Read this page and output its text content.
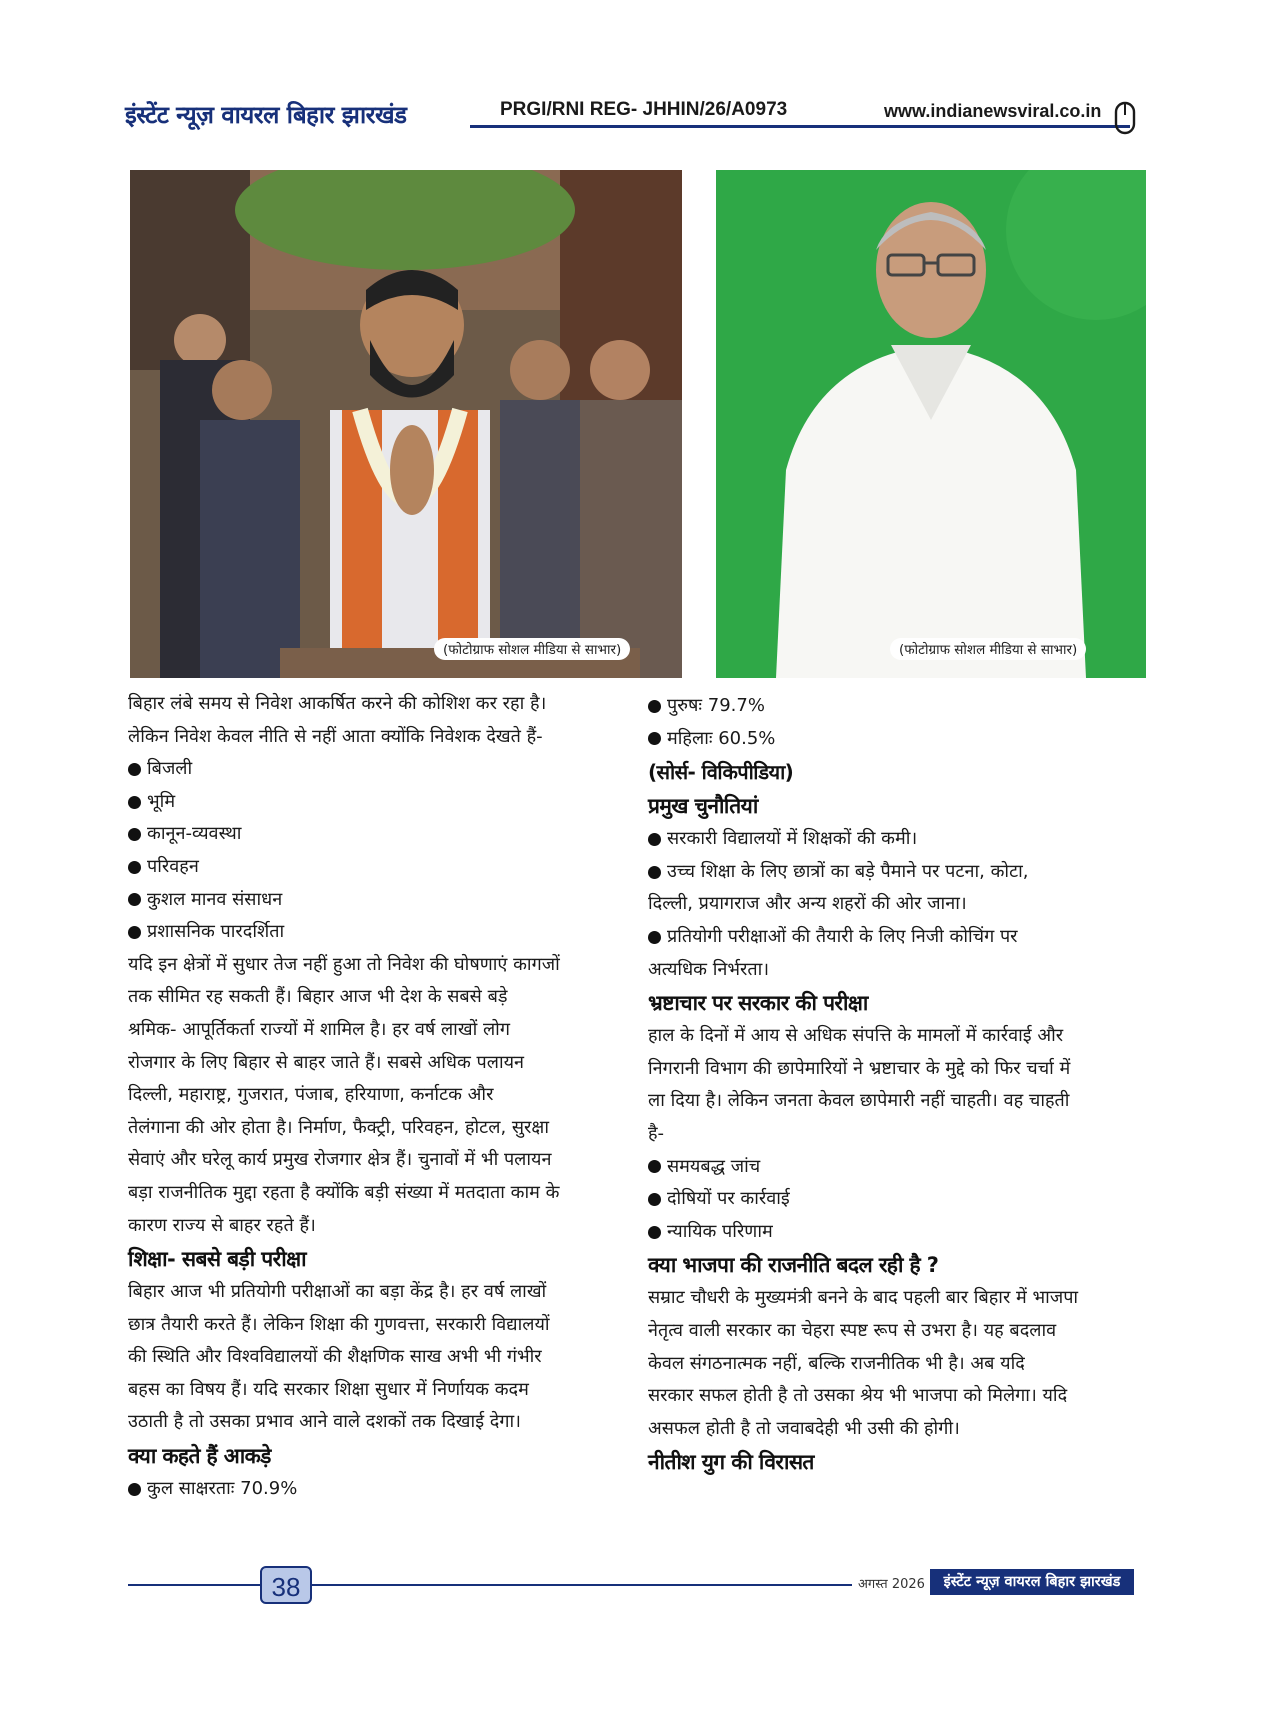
इंस्टेंट न्यूज़ वायरल बिहार झारखंड	PRGI/RNI REG- JHHIN/26/A0973	www.indianewsviral.co.in
(फोटोग्राफ सोशल मीडिया से साभार)	(फोटोग्राफ सोशल मीडिया से साभार)

बिहार लंबे समय से निवेश आकर्षित करने की कोशिश कर रहा है।

लेकिन निवेश केवल नीति से नहीं आता क्योंकि निवेशक देखते हैं-

बिजली
भूमि
कानून-व्यवस्था
परिवहन
कुशल मानव संसाधन
प्रशासनिक पारदर्शिता

यदि इन क्षेत्रों में सुधार तेज नहीं हुआ तो निवेश की घोषणाएं कागजों

तक सीमित रह सकती हैं। बिहार आज भी देश के सबसे बड़े

श्रमिक- आपूर्तिकर्ता राज्यों में शामिल है। हर वर्ष लाखों लोग

रोजगार के लिए बिहार से बाहर जाते हैं। सबसे अधिक पलायन

दिल्ली, महाराष्ट्र, गुजरात, पंजाब, हरियाणा, कर्नाटक और

तेलंगाना की ओर होता है। निर्माण, फैक्ट्री, परिवहन, होटल, सुरक्षा

सेवाएं और घरेलू कार्य प्रमुख रोजगार क्षेत्र हैं। चुनावों में भी पलायन

बड़ा राजनीतिक मुद्दा रहता है क्योंकि बड़ी संख्या में मतदाता काम के

कारण राज्य से बाहर रहते हैं।

शिक्षा- सबसे बड़ी परीक्षा

बिहार आज भी प्रतियोगी परीक्षाओं का बड़ा केंद्र है। हर वर्ष लाखों

छात्र तैयारी करते हैं। लेकिन शिक्षा की गुणवत्ता, सरकारी विद्यालयों

की स्थिति और विश्वविद्यालयों की शैक्षणिक साख अभी भी गंभीर

बहस का विषय हैं। यदि सरकार शिक्षा सुधार में निर्णायक कदम

उठाती है तो उसका प्रभाव आने वाले दशकों तक दिखाई देगा।

क्या कहते हैं आकड़े
कुल साक्षरताः 70.9%
पुरुषः 79.7%
महिलाः 60.5%

(सोर्स- विकिपीडिया)

प्रमुख चुनौतियां
सरकारी विद्यालयों में शिक्षकों की कमी।
उच्च शिक्षा के लिए छात्रों का बड़े पैमाने पर पटना, कोटा,

दिल्ली, प्रयागराज और अन्य शहरों की ओर जाना।

प्रतियोगी परीक्षाओं की तैयारी के लिए निजी कोचिंग पर

अत्यधिक निर्भरता।

भ्रष्टाचार पर सरकार की परीक्षा

हाल के दिनों में आय से अधिक संपत्ति के मामलों में कार्रवाई और

निगरानी विभाग की छापेमारियों ने भ्रष्टाचार के मुद्दे को फिर चर्चा में

ला दिया है। लेकिन जनता केवल छापेमारी नहीं चाहती। वह चाहती

है-

समयबद्ध जांच
दोषियों पर कार्रवाई
न्यायिक परिणाम
क्या भाजपा की राजनीति बदल रही है ?

सम्राट चौधरी के मुख्यमंत्री बनने के बाद पहली बार बिहार में भाजपा

नेतृत्व वाली सरकार का चेहरा स्पष्ट रूप से उभरा है। यह बदलाव

केवल संगठनात्मक नहीं, बल्कि राजनीतिक भी है। अब यदि

सरकार सफल होती है तो उसका श्रेय भी भाजपा को मिलेगा। यदि

असफल होती है तो जवाबदेही भी उसी की होगी।

नीतीश युग की विरासत
38	अगस्त 2026	इंस्टेंट न्यूज़ वायरल बिहार झारखंड
